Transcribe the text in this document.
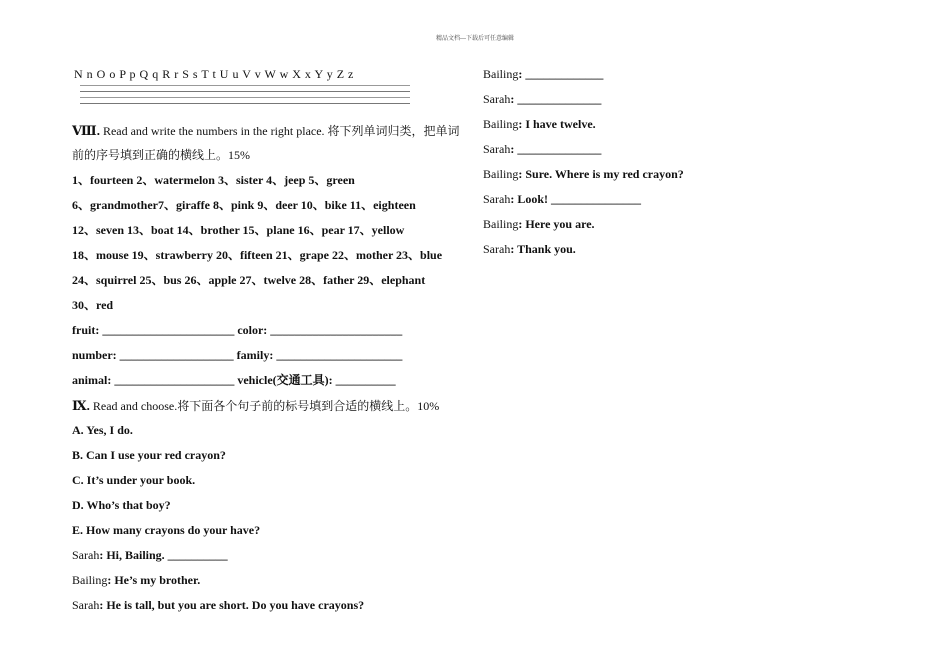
精品文档---下载后可任意编辑
N n O o P p Q q R r S s T t U u V v W w X x Y y Z z
Ⅷ. Read and write the numbers in the right place. 将下列单词归类，把单词
前的序号填到正确的横线上。15%
1、fourteen 2、watermelon 3、sister 4、jeep 5、green
6、grandmother7、giraffe 8、pink 9、deer 10、bike 11、eighteen
12、seven 13、boat 14、brother 15、plane 16、pear 17、yellow
18、mouse 19、strawberry 20、fifteen 21、grape 22、mother 23、blue
24、squirrel 25、bus 26、apple 27、twelve 28、father 29、elephant
30、red
fruit: ______________________ color: ______________________
number: ___________________ family: _____________________
animal: ____________________ vehicle(交通工具): __________
Ⅸ. Read and choose.将下面各个句子前的标号填到合适的横线上。10%
A. Yes, I do.
B. Can I use your red crayon?
C. It’s under your book.
D. Who’s that boy?
E. How many crayons do your have?
Sarah: Hi, Bailing. __________
Bailing: He’s my brother.
Sarah: He is tall, but you are short. Do you have crayons?
Bailing: _____________
Sarah: ______________
Bailing: I have twelve.
Sarah: ______________
Bailing: Sure. Where is my red crayon?
Sarah: Look! _______________
Bailing: Here you are.
Sarah: Thank you.
